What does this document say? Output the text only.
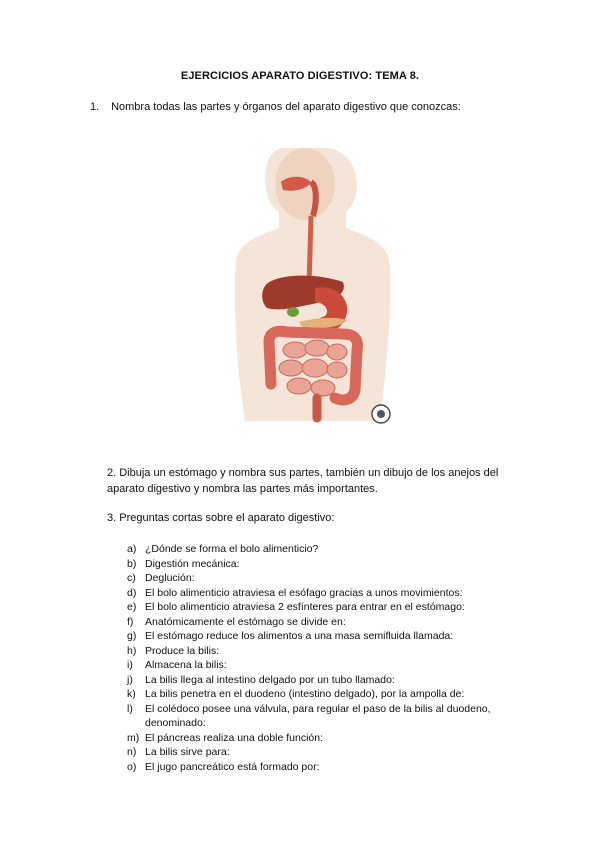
EJERCICIOS APARATO DIGESTIVO: TEMA 8.
1. Nombra todas las partes y órganos del aparato digestivo que conozcas:
2. Dibuja un estómago y nombra sus partes, también un dibujo de los anejos del aparato digestivo y nombra las partes más importantes.
3. Preguntas cortas sobre el aparato digestivo:
a) ¿Dónde se forma el bolo alimenticio?
b) Digestión mecánica:
c) Deglución:
d) El bolo alimenticio atraviesa el esófago gracias a unos movimientos:
e) El bolo alimenticio atraviesa 2 esfínteres para entrar en el estómago:
f) Anatómicamente el estómago se divide en:
g) El estómago reduce los alimentos a una masa semifluida llamada:
h) Produce la bilis:
i) Almacena la bilis:
j) La bilis llega al intestino delgado por un tubo llamado:
k) La bilis penetra en el duodeno (intestino delgado), por la ampolla de:
l) El colédoco posee una válvula, para regular el paso de la bilis al duodeno, denominado:
m) El páncreas realiza una doble función:
n) La bilis sirve para:
o) El jugo pancreático está formado por:
